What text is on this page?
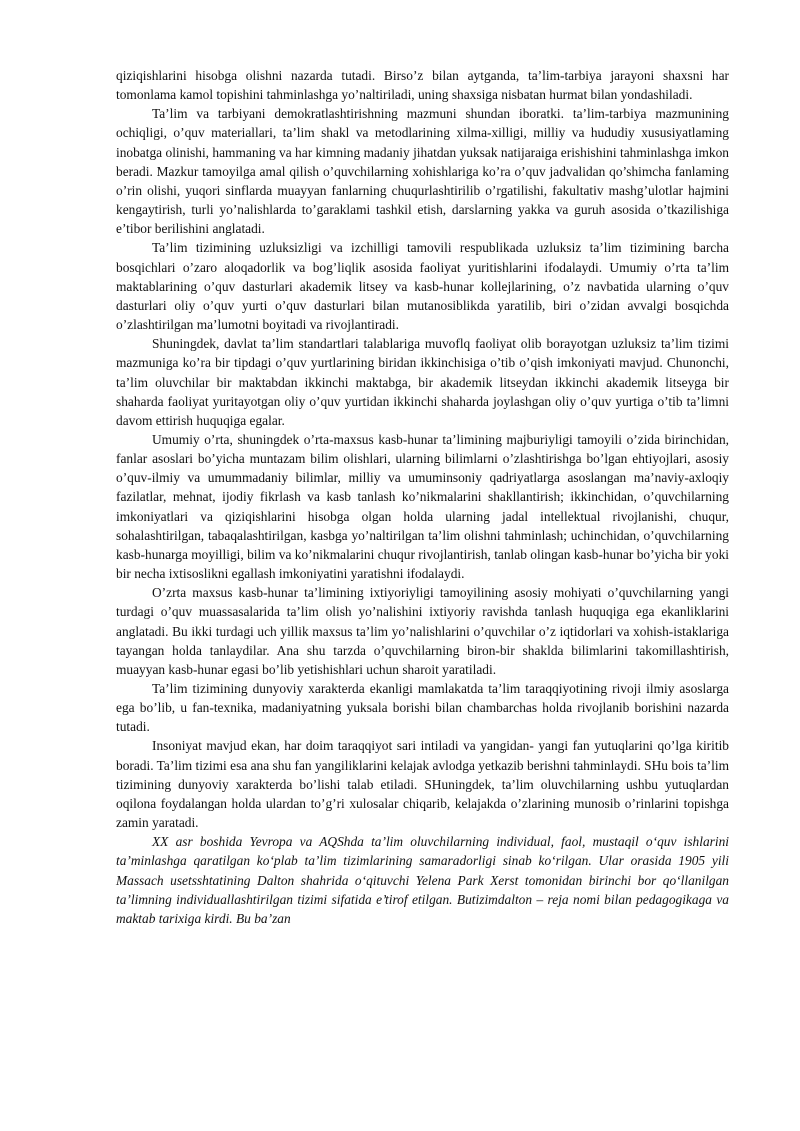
qiziqishlarini hisobga olishni nazarda tutadi. Birso’z bilan aytganda, ta’lim-tarbiya jarayoni shaxsni har tomonlama kamol topishini tahminlashga yo’naltiriladi, uning shaxsiga nisbatan hurmat bilan yondashiladi.

Ta’lim va tarbiyani demokratlashtirishning mazmuni shundan iboratki. ta’lim-tarbiya mazmunining ochiqligi, o’quv materiallari, ta’lim shakl va metodlarining xilma-xilligi, milliy va hududiy xususiyatlaming inobatga olinishi, hammaning va har kimning madaniy jihatdan yuksak natijaraiga erishishini tahminlashga imkon beradi. Mazkur tamoyilga amal qilish o’quvchilarning xohishlariga ko’ra o’quv jadvalidan qo’shimcha fanlaming o’rin olishi, yuqori sinflarda muayyan fanlarning chuqurlashtirilib o’rgatilishi, fakultativ mashg’ulotlar hajmini kengaytirish, turli yo’nalishlarda to’garaklami tashkil etish, darslarning yakka va guruh asosida o’tkazilishiga e’tibor berilishini anglatadi.

Ta’lim tizimining uzluksizligi va izchilligi tamovili respublikada uzluksiz ta’lim tizimining barcha bosqichlari o’zaro aloqadorlik va bog’liqlik asosida faoliyat yuritishlarini ifodalaydi. Umumiy o’rta ta’lim maktablarining o’quv dasturlari akademik litsey va kasb-hunar kollejlarining, o’z navbatida ularning o’quv dasturlari oliy o’quv yurti o’quv dasturlari bilan mutanosiblikda yaratilib, biri o’zidan avvalgi bosqichda o’zlashtirilgan ma’lumotni boyitadi va rivojlantiradi.

Shuningdek, davlat ta’lim standartlari talablariga muvoflq faoliyat olib borayotgan uzluksiz ta’lim tizimi mazmuniga ko’ra bir tipdagi o’quv yurtlarining biridan ikkinchisiga o’tib o’qish imkoniyati mavjud. Chunonchi, ta’lim oluvchilar bir maktabdan ikkinchi maktabga, bir akademik litseydan ikkinchi akademik litseyga bir shaharda faoliyat yuritayotgan oliy o’quv yurtidan ikkinchi shaharda joylashgan oliy o’quv yurtiga o’tib ta’limni davom ettirish huquqiga egalar.

Umumiy o’rta, shuningdek o’rta-maxsus kasb-hunar ta’limining majburiyligi tamoyili o’zida birinchidan, fanlar asoslari bo’yicha muntazam bilim olishlari, ularning bilimlarni o’zlashtirishga bo’lgan ehtiyojlari, asosiy o’quv-ilmiy va umummadaniy bilimlar, milliy va umuminsoniy qadriyatlarga asoslangan ma’naviy-axloqiy fazilatlar, mehnat, ijodiy fikrlash va kasb tanlash ko’nikmalarini shakllantirish; ikkinchidan, o’quvchilarning imkoniyatlari va qiziqishlarini hisobga olgan holda ularning jadal intellektual rivojlanishi, chuqur, sohalashtirilgan, tabaqalashtirilgan, kasbga yo’naltirilgan ta’lim olishni tahminlash; uchinchidan, o’quvchilarning kasb-hunarga moyilligi, bilim va ko’nikmalarini chuqur rivojlantirish, tanlab olingan kasb-hunar bo’yicha bir yoki bir necha ixtisoslikni egallash imkoniyatini yaratishni ifodalaydi.

O’zrta maxsus kasb-hunar ta’limining ixtiyoriyligi tamoyilining asosiy mohiyati o’quvchilarning yangi turdagi o’quv muassasalarida ta’lim olish yo’nalishini ixtiyoriy ravishda tanlash huquqiga ega ekanliklarini anglatadi. Bu ikki turdagi uch yillik maxsus ta’lim yo’nalishlarini o’quvchilar o’z iqtidorlari va xohish-istaklariga tayangan holda tanlaydilar. Ana shu tarzda o’quvchilarning biron-bir shaklda bilimlarini takomillashtirish, muayyan kasb-hunar egasi bo’lib yetishishlari uchun sharoit yaratiladi.

Ta’lim tizimining dunyoviy xarakterda ekanligi mamlakatda ta’lim taraqqiyotining rivoji ilmiy asoslarga ega bo’lib, u fan-texnika, madaniyatning yuksala borishi bilan chambarchas holda rivojlanib borishini nazarda tutadi.

Insoniyat mavjud ekan, har doim taraqqiyot sari intiladi va yangidan- yangi fan yutuqlarini qo’lga kiritib boradi. Ta’lim tizimi esa ana shu fan yangiliklarini kelajak avlodga yetkazib berishni tahminlaydi. SHu bois ta’lim tizimining dunyoviy xarakterda bo’lishi talab etiladi. SHuningdek, ta’lim oluvchilarning ushbu yutuqlardan oqilona foydalangan holda ulardan to’g’ri xulosalar chiqarib, kelajakda o’zlarining munosib o’rinlarini topishga zamin yaratadi.

XX asr boshida Yevropa va AQShda ta’lim oluvchilarning individual, faol, mustaqil o‘quv ishlarini ta’minlashga qaratilgan ko‘plab ta’lim tizimlarining samaradorligi sinab ko‘rilgan. Ular orasida 1905 yili Massach usetsshtatining Dalton shahrida o‘qituvchi Yelena Park Xerst tomonidan birinchi bor qo‘llanilgan ta’limning individuallashtirilgan tizimi sifatida e’tirof etilgan. Butizimdalton – reja nomi bilan pedagogikaga va maktab tarixiga kirdi. Bu ba’zan
